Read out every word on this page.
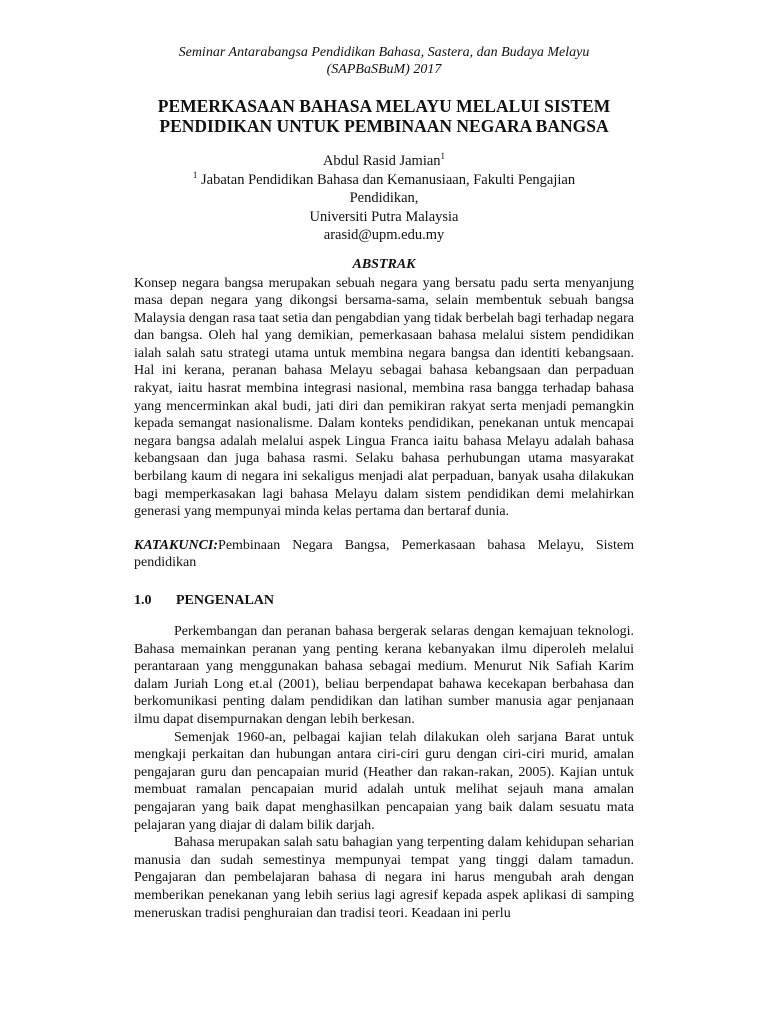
Seminar Antarabangsa Pendidikan Bahasa, Sastera, dan Budaya Melayu
(SAPBaSBuM) 2017
PEMERKASAAN BAHASA MELAYU MELALUI SISTEM
PENDIDIKAN UNTUK PEMBINAAN NEGARA BANGSA
Abdul Rasid Jamian$^1$
$^1$ Jabatan Pendidikan Bahasa dan Kemanusiaan, Fakulti Pengajian
Pendidikan,
Universiti Putra Malaysia
arasid@upm.edu.my
ABSTRAK
Konsep negara bangsa merupakan sebuah negara yang bersatu padu serta menyanjung masa depan negara yang dikongsi bersama-sama, selain membentuk sebuah bangsa Malaysia dengan rasa taat setia dan pengabdian yang tidak berbelah bagi terhadap negara dan bangsa. Oleh hal yang demikian, pemerkasaan bahasa melalui sistem pendidikan ialah salah satu strategi utama untuk membina negara bangsa dan identiti kebangsaan. Hal ini kerana, peranan bahasa Melayu sebagai bahasa kebangsaan dan perpaduan rakyat, iaitu hasrat membina integrasi nasional, membina rasa bangga terhadap bahasa yang mencerminkan akal budi, jati diri dan pemikiran rakyat serta menjadi pemangkin kepada semangat nasionalisme. Dalam konteks pendidikan, penekanan untuk mencapai negara bangsa adalah melalui aspek Lingua Franca iaitu bahasa Melayu adalah bahasa kebangsaan dan juga bahasa rasmi. Selaku bahasa perhubungan utama masyarakat berbilang kaum di negara ini sekaligus menjadi alat perpaduan, banyak usaha dilakukan bagi memperkasakan lagi bahasa Melayu dalam sistem pendidikan demi melahirkan generasi yang mempunyai minda kelas pertama dan bertaraf dunia.
KATAKUNCI:Pembinaan Negara Bangsa, Pemerkasaan bahasa Melayu, Sistem pendidikan
1.0	PENGENALAN

Perkembangan dan peranan bahasa bergerak selaras dengan kemajuan teknologi. Bahasa memainkan peranan yang penting kerana kebanyakan ilmu diperoleh melalui perantaraan yang menggunakan bahasa sebagai medium. Menurut Nik Safiah Karim dalam Juriah Long et.al (2001), beliau berpendapat bahawa kecekapan berbahasa dan berkomunikasi penting dalam pendidikan dan latihan sumber manusia agar penjanaan ilmu dapat disempurnakan dengan lebih berkesan.

Semenjak 1960-an, pelbagai kajian telah dilakukan oleh sarjana Barat untuk mengkaji perkaitan dan hubungan antara ciri-ciri guru dengan ciri-ciri murid, amalan pengajaran guru dan pencapaian murid (Heather dan rakan-rakan, 2005). Kajian untuk membuat ramalan pencapaian murid adalah untuk melihat sejauh mana amalan pengajaran yang baik dapat menghasilkan pencapaian yang baik dalam sesuatu mata pelajaran yang diajar di dalam bilik darjah.

Bahasa merupakan salah satu bahagian yang terpenting dalam kehidupan seharian manusia dan sudah semestinya mempunyai tempat yang tinggi dalam tamadun. Pengajaran dan pembelajaran bahasa di negara ini harus mengubah arah dengan memberikan penekanan yang lebih serius lagi agresif kepada aspek aplikasi di samping meneruskan tradisi penghuraian dan tradisi teori. Keadaan ini perlu
